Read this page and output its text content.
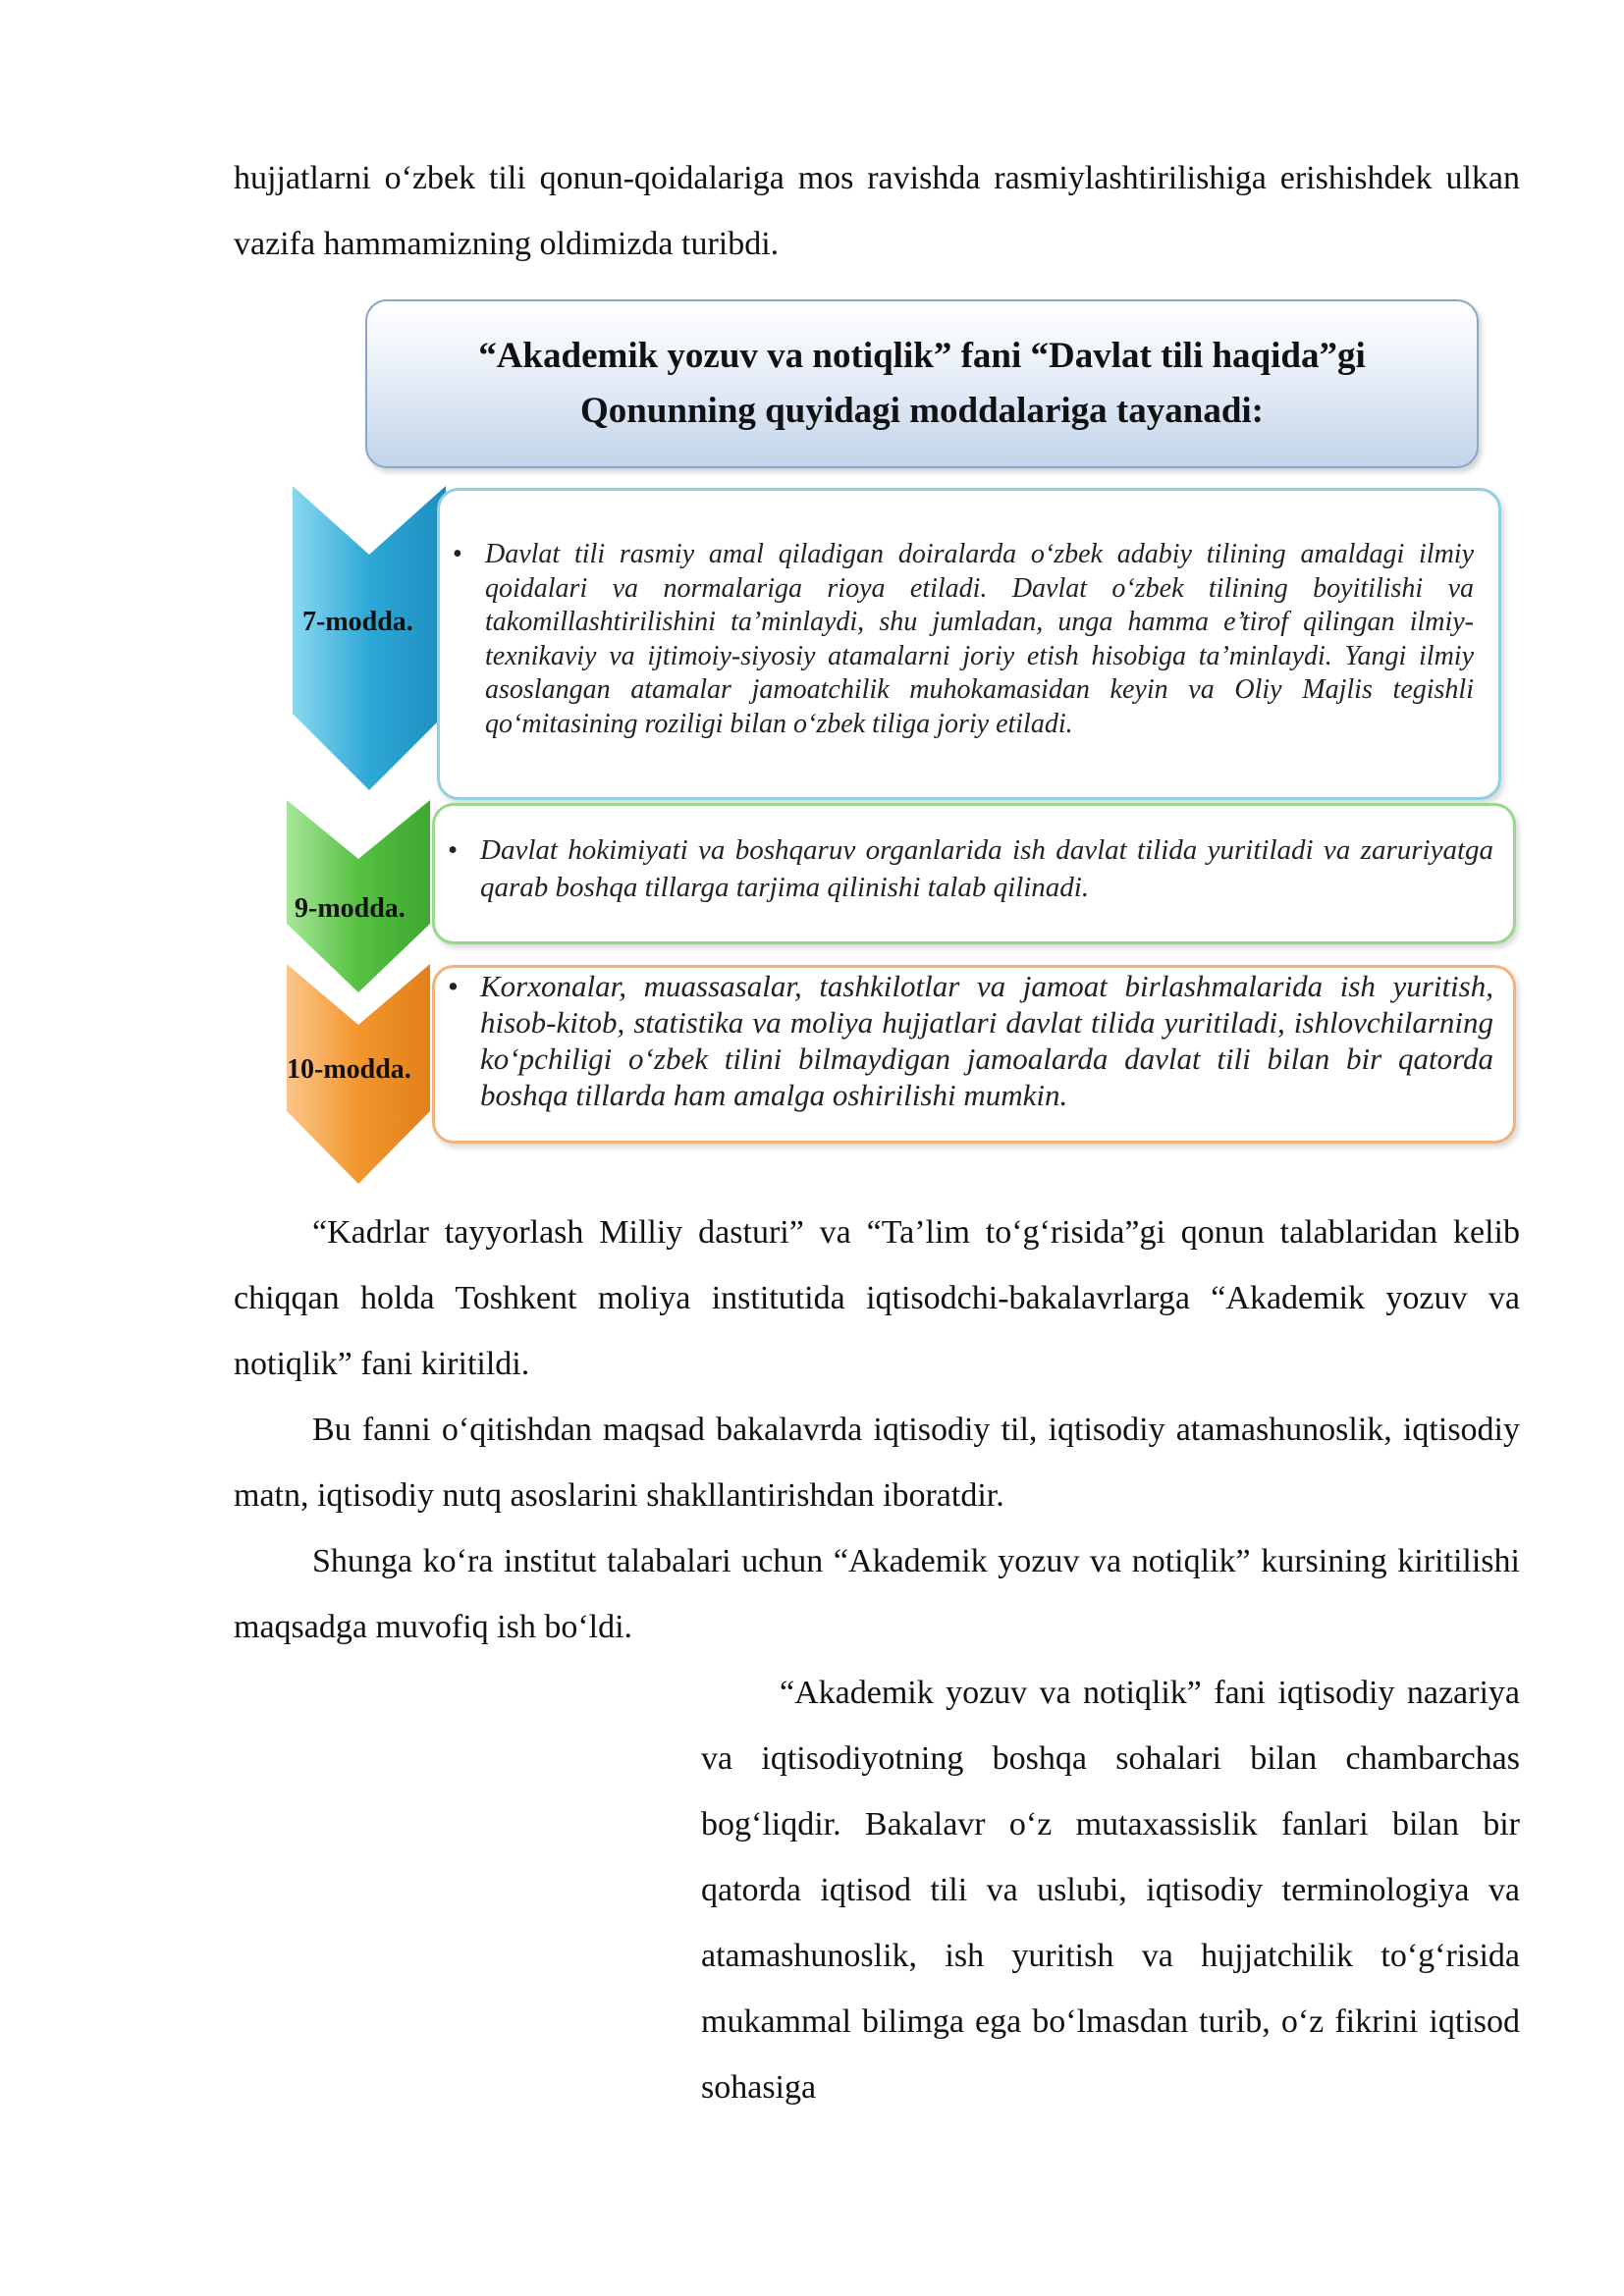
hujjatlarni o‘zbek tili qonun-qoidalariga mos ravishda rasmiylashtirilishiga erishishdek ulkan vazifa hammamizning oldimizda turibdi.
“Akademik yozuv va notiqlik” fani “Davlat tili haqida”gi
Qonunning quyidagi moddalariga tayanadi:
• Davlat tili rasmiy amal qiladigan doiralarda o‘zbek adabiy tilining amaldagi ilmiy qoidalari va normalariga rioya etiladi. Davlat o‘zbek tilining boyitilishi va takomillashtirilishini ta’minlaydi, shu jumladan, unga hamma e’tirof qilingan ilmiy-texnikaviy va ijtimoiy-siyosiy atamalarni joriy etish hisobiga ta’minlaydi. Yangi ilmiy asoslangan atamalar jamoatchilik muhokamasidan keyin va Oliy Majlis tegishli qo‘mitasining roziligi bilan o‘zbek tiliga joriy etiladi.
• Davlat hokimiyati va boshqaruv organlarida ish davlat tilida yuritiladi va zaruriyatga qarab boshqa tillarga tarjima qilinishi talab qilinadi.
• Korxonalar, muassasalar, tashkilotlar va jamoat birlashmalarida ish yuritish, hisob-kitob, statistika va moliya hujjatlari davlat tilida yuritiladi, ishlovchilarning ko‘pchiligi o‘zbek tilini bilmaydigan jamoalarda davlat tili bilan bir qatorda boshqa tillarda ham amalga oshirilishi mumkin.
7-modda.
9-modda.
10-modda.
“Kadrlar tayyorlash Milliy dasturi” va “Ta’lim to‘g‘risida”gi qonun talablaridan kelib chiqqan holda Toshkent moliya institutida iqtisodchi-bakalavrlarga “Akademik yozuv va notiqlik” fani kiritildi.
Bu fanni o‘qitishdan maqsad bakalavrda iqtisodiy til, iqtisodiy atamashunoslik, iqtisodiy matn, iqtisodiy nutq asoslarini shakllantirishdan iboratdir.
Shunga ko‘ra institut talabalari uchun “Akademik yozuv va notiqlik” kursining kiritilishi maqsadga muvofiq ish bo‘ldi.
“Akademik yozuv va notiqlik” fani iqtisodiy nazariya va iqtisodiyotning boshqa sohalari bilan chambarchas bog‘liqdir. Bakalavr o‘z mutaxassislik fanlari bilan bir qatorda iqtisod tili va uslubi, iqtisodiy terminologiya va atamashunoslik, ish yuritish va hujjatchilik to‘g‘risida mukammal bilimga ega bo‘lmasdan turib, o‘z fikrini iqtisod sohasiga
